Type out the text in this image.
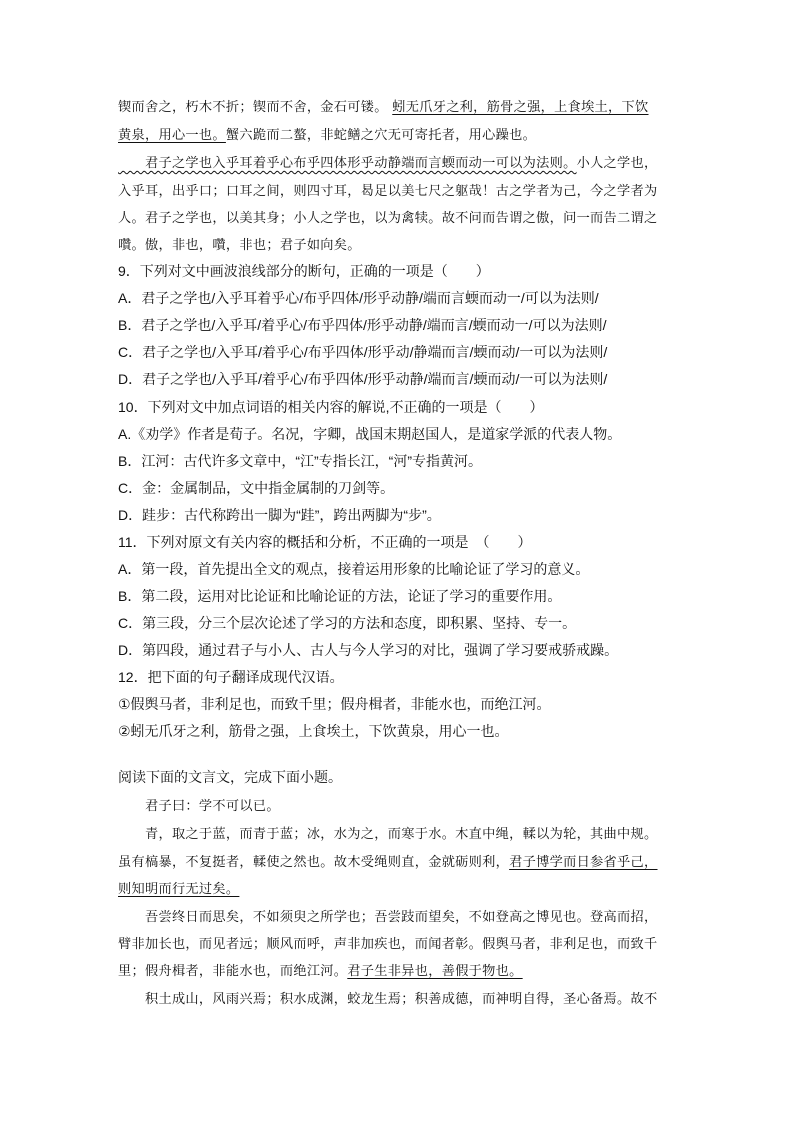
锲而舍之，朽木不折；锲而不舍，金石可镂。 蚓无爪牙之利，筋骨之强，上食埃土，下饮
黄泉，用心一也。蟹六跪而二螯，非蛇鳝之穴无可寄托者，用心躁也。
　　君子之学也入乎耳着乎心布乎四体形乎动静端而言蝡而动一可以为法则。小人之学也，
入乎耳，出乎口；口耳之间，则四寸耳，曷足以美七尺之躯哉！古之学者为己，今之学者为
人。君子之学也，以美其身；小人之学也，以为禽犊。故不问而告谓之傲，问一而告二谓之
囋。傲，非也，囋，非也；君子如向矣。
9．下列对文中画波浪线部分的断句，正确的一项是（　　）
A．君子之学也/入乎耳着乎心/布乎四体/形乎动静/端而言蝡而动一/可以为法则/
B．君子之学也/入乎耳/着乎心/布乎四体/形乎动静/端而言/蝡而动一/可以为法则/
C．君子之学也/入乎耳/着乎心/布乎四体/形乎动/静端而言/蝡而动/一可以为法则/
D．君子之学也/入乎耳/着乎心/布乎四体/形乎动静/端而言/蝡而动/一可以为法则/
10．下列对文中加点词语的相关内容的解说,不正确的一项是（　　）
A.《劝学》作者是荀子。名况，字卿，战国末期赵国人，是道家学派的代表人物。
B．江河：古代许多文章中，“江”专指长江，“河”专指黄河。
C．金：金属制品，文中指金属制的刀剑等。
D．跬步：古代称跨出一脚为“跬”，跨出两脚为“步”。
11．下列对原文有关内容的概括和分析，不正确的一项是　（　　）
A．第一段，首先提出全文的观点，接着运用形象的比喻论证了学习的意义。
B．第二段，运用对比论证和比喻论证的方法，论证了学习的重要作用。
C．第三段，分三个层次论述了学习的方法和态度，即积累、坚持、专一。
D．第四段，通过君子与小人、古人与今人学习的对比，强调了学习要戒骄戒躁。
12．把下面的句子翻译成现代汉语。
①假舆马者，非利足也，而致千里；假舟楫者，非能水也，而绝江河。
②蚓无爪牙之利，筋骨之强，上食埃土，下饮黄泉，用心一也。
阅读下面的文言文，完成下面小题。
　　君子曰：学不可以已。
　　青，取之于蓝，而青于蓝；冰，水为之，而寒于水。木直中绳，輮以为轮，其曲中规。
虽有槁暴，不复挺者，輮使之然也。故木受绳则直，金就砺则利，君子博学而日参省乎己，
则知明而行无过矣。
　　吾尝终日而思矣，不如须臾之所学也；吾尝跂而望矣，不如登高之博见也。登高而招，
臂非加长也，而见者远；顺风而呼，声非加疾也，而闻者彰。假舆马者，非利足也，而致千
里；假舟楫者，非能水也，而绝江河。君子生非异也，善假于物也。
　　积土成山，风雨兴焉；积水成渊，蛟龙生焉；积善成德，而神明自得，圣心备焉。故不
